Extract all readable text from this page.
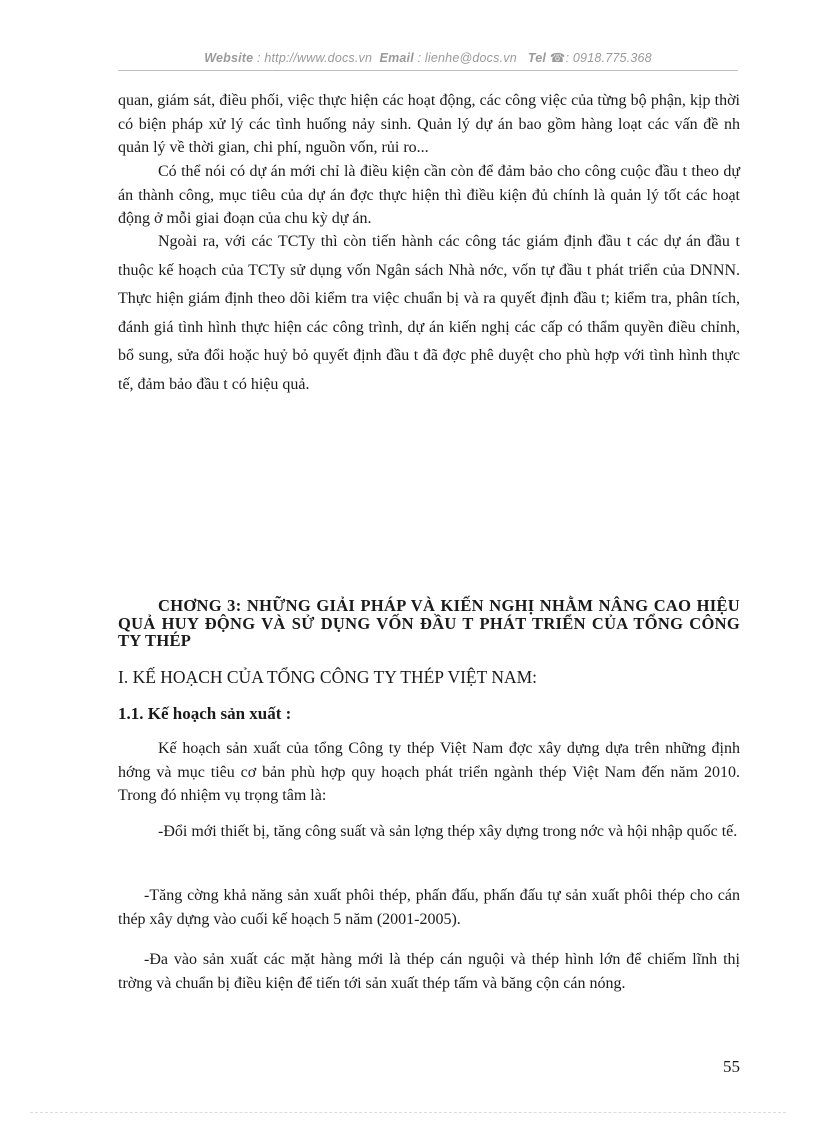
Website : http://www.docs.vn Email : lienhe@docs.vn Tel ☎: 0918.775.368

quan, giám sát, điều phối, việc thực hiện các hoạt động, các công việc của từng bộ phận, kịp thời có biện pháp xử lý các tình huống nảy sinh. Quản lý dự án bao gồm hàng loạt các vấn đề nh quản lý về thời gian, chi phí, nguồn vốn, rủi ro...

Có thể nói có dự án mới chỉ là điều kiện cần còn để đảm bảo cho công cuộc đầu t theo dự án thành công, mục tiêu của dự án đợc thực hiện thì điều kiện đủ chính là quản lý tốt các hoạt động ở mỗi giai đoạn của chu kỳ dự án.

Ngoài ra, với các TCTy thì còn tiến hành các công tác giám định đầu t các dự án đầu t thuộc kế hoạch của TCTy sử dụng vốn Ngân sách Nhà nớc, vốn tự đầu t phát triển của DNNN. Thực hiện giám định theo dõi kiểm tra việc chuẩn bị và ra quyết định đầu t; kiểm tra, phân tích, đánh giá tình hình thực hiện các công trình, dự án kiến nghị các cấp có thẩm quyền điều chỉnh, bổ sung, sửa đổi hoặc huỷ bỏ quyết định đầu t đã đợc phê duyệt cho phù hợp với tình hình thực tế, đảm bảo đầu t có hiệu quả.

CHƠNG 3: NHỮNG GIẢI PHÁP VÀ KIẾN NGHỊ NHẰM NÂNG CAO HIỆU QUẢ HUY ĐỘNG VÀ SỬ DỤNG VỐN ĐẦU T PHÁT TRIỂN CỦA TỔNG CÔNG TY THÉP

I. KẾ HOẠCH CỦA TỔNG CÔNG TY THÉP VIỆT NAM:

1.1. Kế hoạch sản xuất :

Kế hoạch sản xuất của tổng Công ty thép Việt Nam đợc xây dựng dựa trên những định hớng và mục tiêu cơ bản phù hợp quy hoạch phát triển ngành thép Việt Nam đến năm 2010. Trong đó nhiệm vụ trọng tâm là:

-Đổi mới thiết bị, tăng công suất và sản lợng thép xây dựng trong nớc và hội nhập quốc tế.

-Tăng cờng khả năng sản xuất phôi thép, phấn đấu, phấn đấu tự sản xuất phôi thép cho cán thép xây dựng vào cuối kế hoạch 5 năm (2001-2005).

-Đa vào sản xuất các mặt hàng mới là thép cán nguội và thép hình lớn để chiếm lĩnh thị trờng và chuẩn bị điều kiện để tiến tới sản xuất thép tấm và băng cộn cán nóng.

55
